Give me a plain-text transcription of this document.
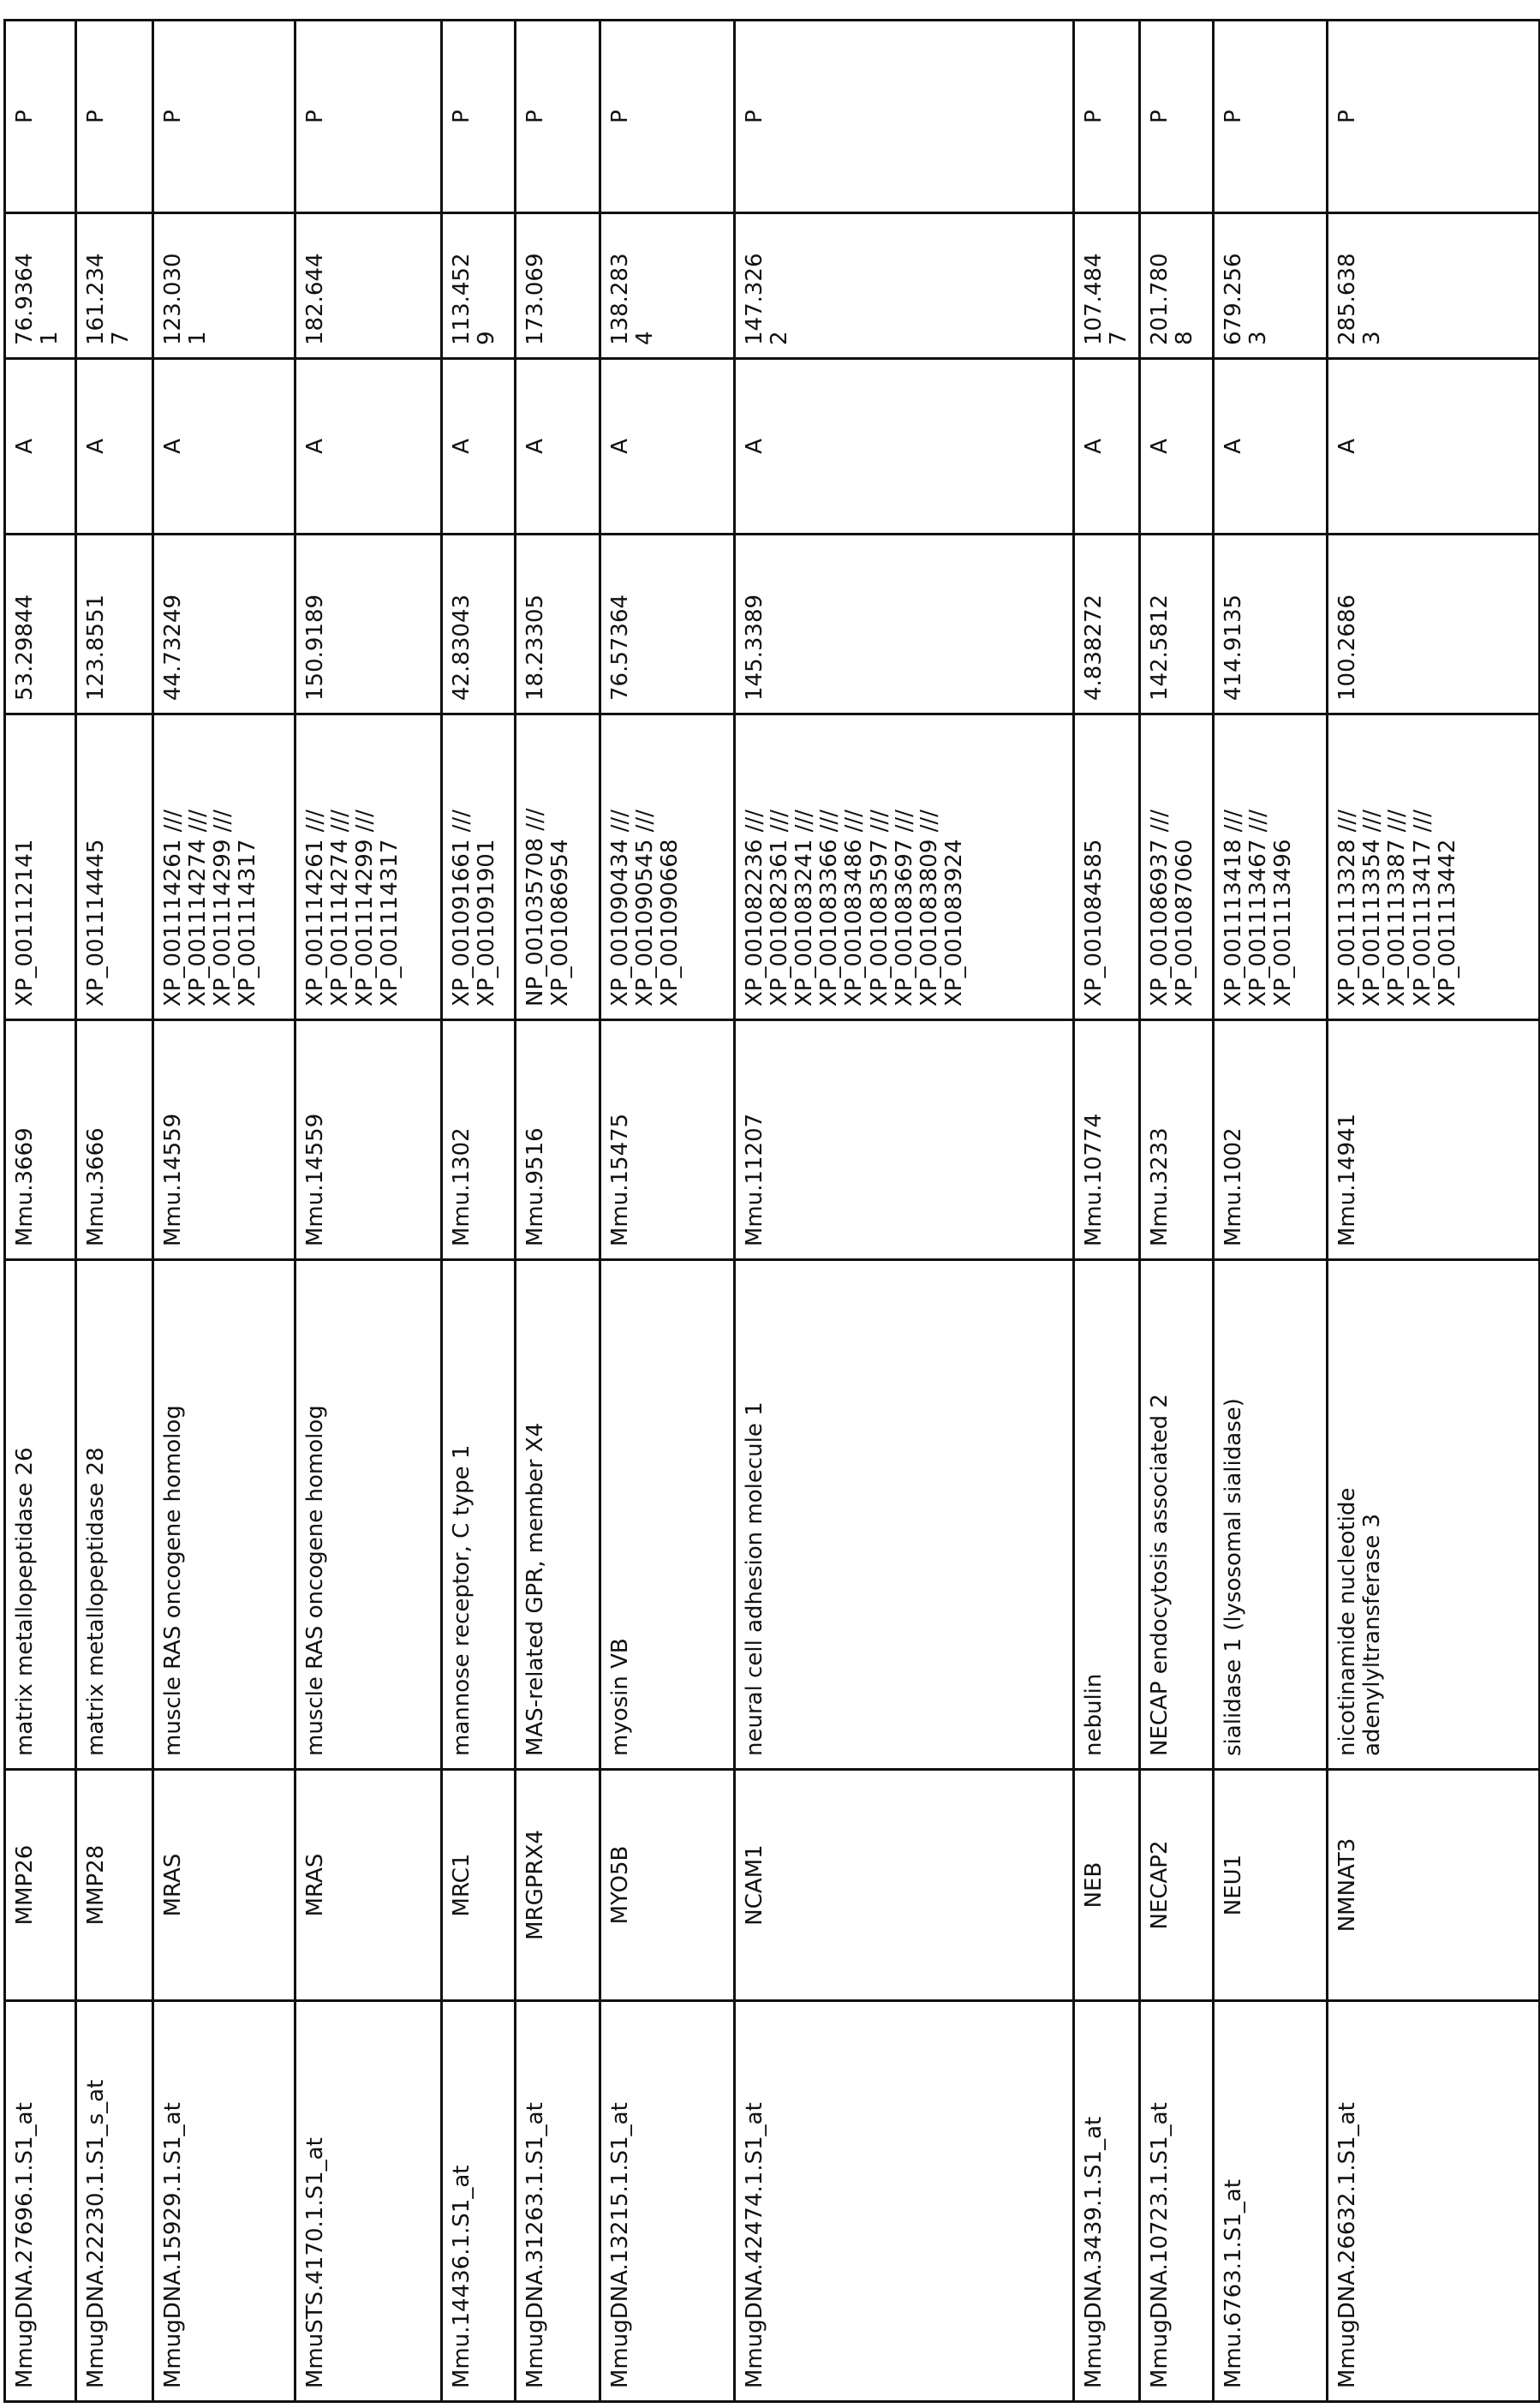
MmugDNA.27696.1.S1_at	MMP26	matrix metallopeptidase 26	Mmu.3669	
XP_001112141
	53.29844	A	76.93641	P
MmugDNA.22230.1.S1_s_at	MMP28	matrix metallopeptidase 28	Mmu.3666	
XP_001114445
	123.8551	A	161.2347	P
MmugDNA.15929.1.S1_at	MRAS	muscle RAS oncogene homolog	Mmu.14559	
XP_001114261 /// XP_001114274 /// XP_001114299 /// XP_001114317
	44.73249	A	123.0301	P
MmuSTS.4170.1.S1_at	MRAS	muscle RAS oncogene homolog	Mmu.14559	
XP_001114261 /// XP_001114274 /// XP_001114299 /// XP_001114317
	150.9189	A	182.644	P
Mmu.14436.1.S1_at	MRC1	mannose receptor, C type 1	Mmu.1302	
XP_001091661 /// XP_001091901
	42.83043	A	113.4529	P
MmugDNA.31263.1.S1_at	MRGPRX4	MAS-related GPR, member X4	Mmu.9516	
NP_001035708 /// XP_001086954
	18.23305	A	173.069	P
MmugDNA.13215.1.S1_at	MYO5B	myosin VB	Mmu.15475	
XP_001090434 /// XP_001090545 /// XP_001090668
	76.57364	A	138.2834	P
MmugDNA.42474.1.S1_at	NCAM1	neural cell adhesion molecule 1	Mmu.11207	
XP_001082236 /// XP_001082361 /// XP_001083241 /// XP_001083366 /// XP_001083486 /// XP_001083597 /// XP_001083697 /// XP_001083809 /// XP_001083924
	145.3389	A	147.3262	P
MmugDNA.3439.1.S1_at	NEB	nebulin	Mmu.10774	
XP_001084585
	4.838272	A	107.4847	P
MmugDNA.10723.1.S1_at	NECAP2	NECAP endocytosis associated 2	Mmu.3233	
XP_001086937 /// XP_001087060
	142.5812	A	201.7808	P
Mmu.6763.1.S1_at	NEU1	sialidase 1 (lysosomal sialidase)	Mmu.1002	
XP_001113418 /// XP_001113467 /// XP_001113496
	414.9135	A	679.2563	P
MmugDNA.26632.1.S1_at	NMNAT3	nicotinamide nucleotide adenylyltransferase 3	Mmu.14941	
XP_001113328 /// XP_001113354 /// XP_001113387 /// XP_001113417 /// XP_001113442
	100.2686	A	285.6383	P
